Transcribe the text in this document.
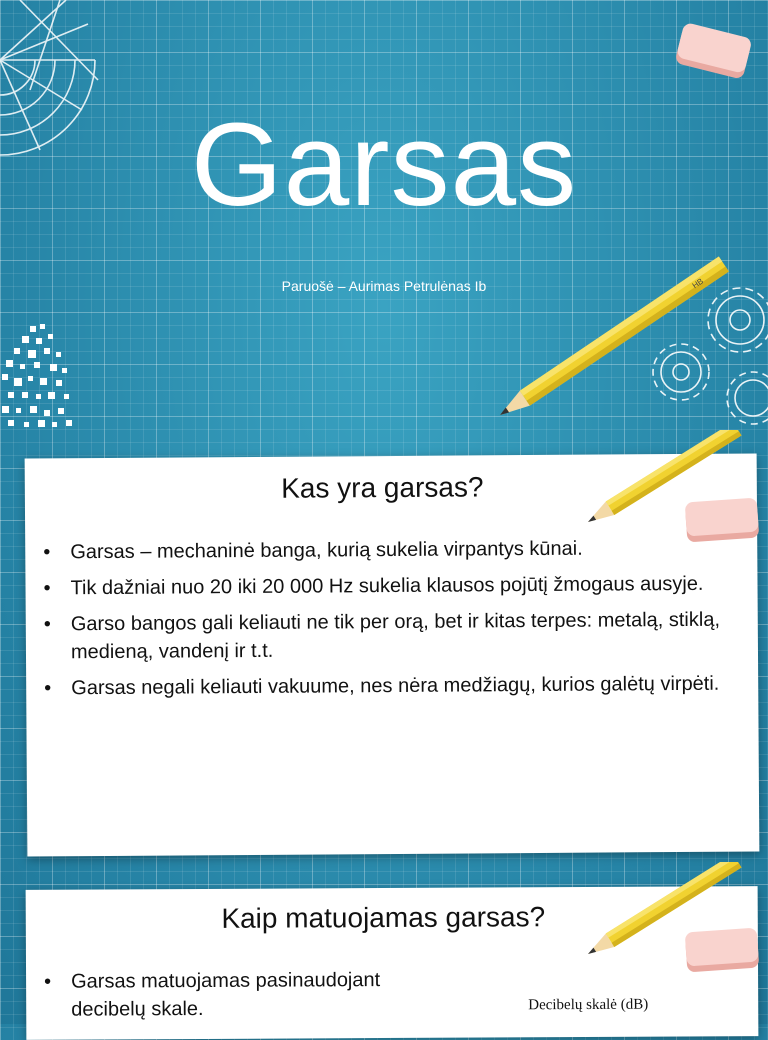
HB
Garsas
Paruošė – Aurimas Petrulėnas Ib
Kas yra garsas?
• Garsas – mechaninė banga, kurią sukelia virpantys kūnai.
• Tik dažniai nuo 20 iki 20 000 Hz sukelia klausos pojūtį žmogaus ausyje.
• Garso bangos gali keliauti ne tik per orą, bet ir kitas terpes: metalą, stiklą, medieną, vandenį ir t.t.
• Garsas negali keliauti vakuume, nes nėra medžiagų, kurios galėtų virpėti.
Kaip matuojamas garsas?
• Garsas matuojamas pasinaudojant decibelų skale.	Decibelų skalė (dB)
